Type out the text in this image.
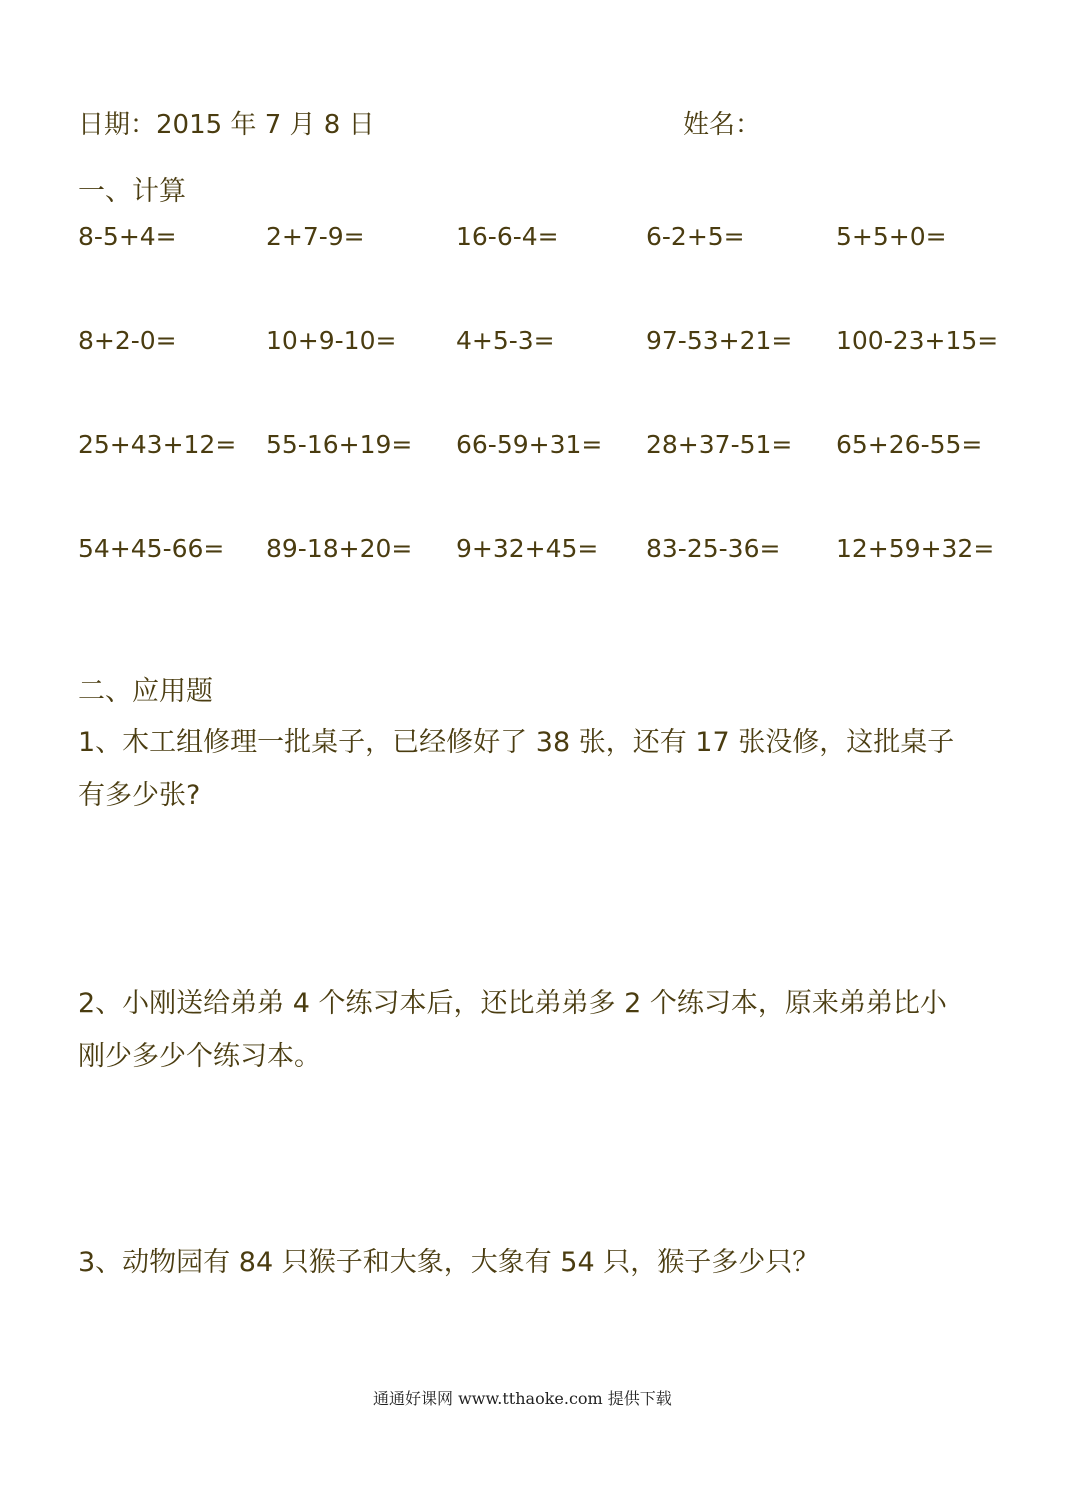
日期：2015 年 7 月 8 日	姓名：
一、计算
8-5+4=	2+7-9=	16-6-4=	6-2+5=	5+5+0=
8+2-0=	10+9-10= 4+5-3=	97-53+21= 100-23+15=
25+43+12= 55-16+19= 66-59+31= 28+37-51= 65+26-55=
54+45-66= 89-18+20= 9+32+45= 83-25-36= 12+59+32=
二、应用题
1、木工组修理一批桌子，已经修好了 38 张，还有 17 张没修，这批桌子
有多少张?
2、小刚送给弟弟 4 个练习本后，还比弟弟多 2 个练习本，原来弟弟比小
刚少多少个练习本。
3、动物园有 84 只猴子和大象，大象有 54 只，猴子多少只？
通通好课网 www.tthaoke.com 提供下载
